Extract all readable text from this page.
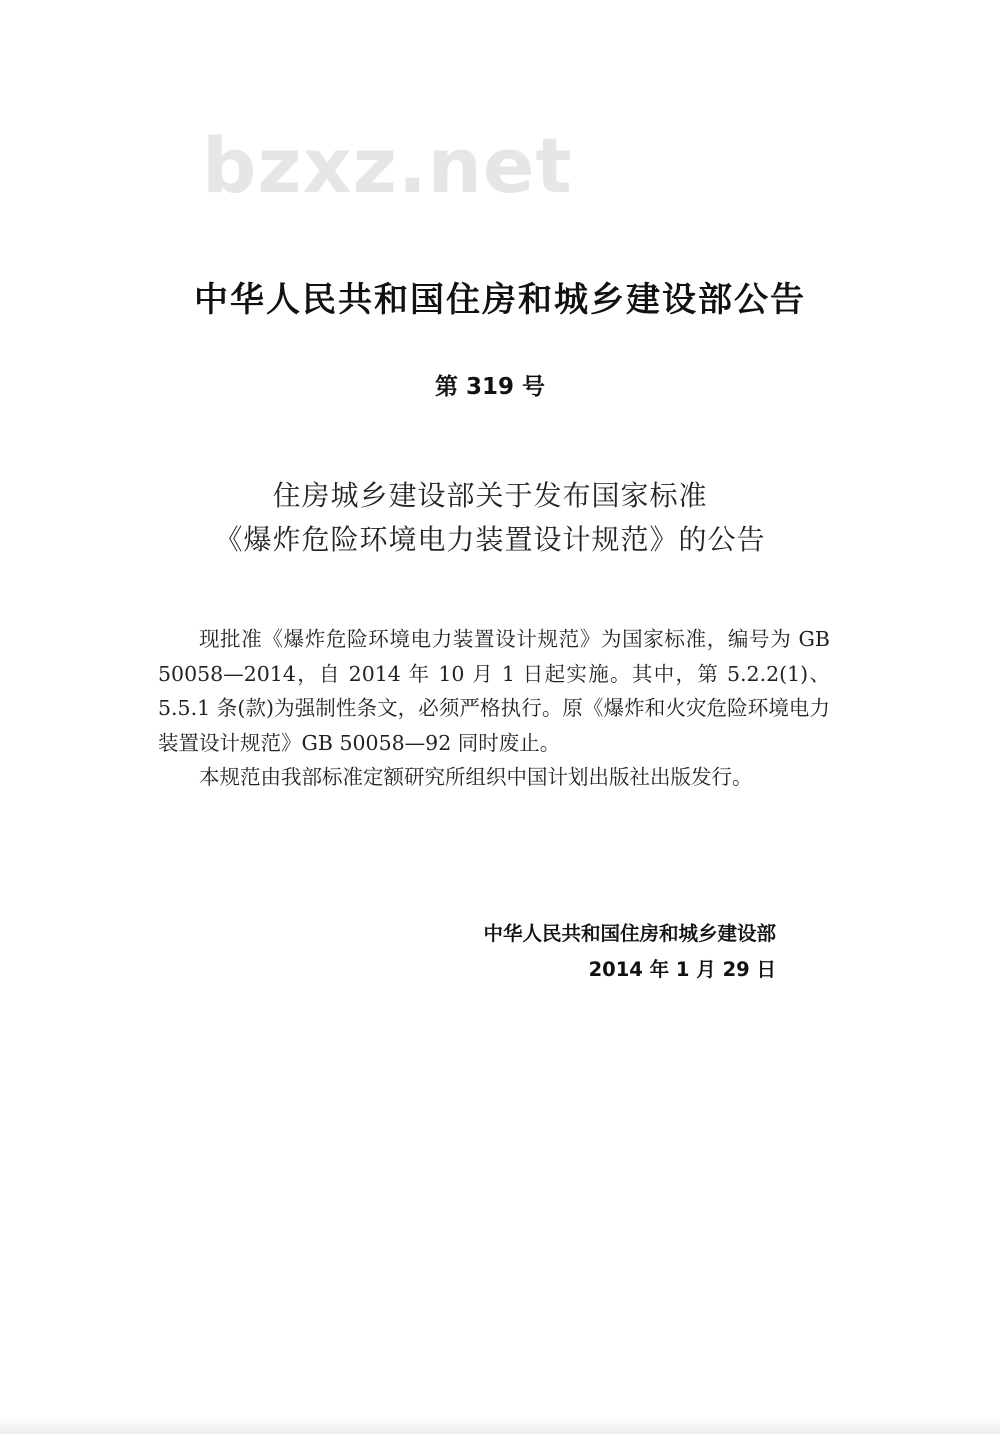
bzxz.net
中华人民共和国住房和城乡建设部公告
第 319 号
住房城乡建设部关于发布国家标准
《爆炸危险环境电力装置设计规范》的公告

现批准《爆炸危险环境电力装置设计规范》为国家标准，编号为 GB 50058—2014，自 2014 年 10 月 1 日起实施。其中，第 5.2.2(1)、5.5.1 条(款)为强制性条文，必须严格执行。原《爆炸和火灾危险环境电力装置设计规范》GB 50058—92 同时废止。

本规范由我部标准定额研究所组织中国计划出版社出版发行。

中华人民共和国住房和城乡建设部
2014 年 1 月 29 日
